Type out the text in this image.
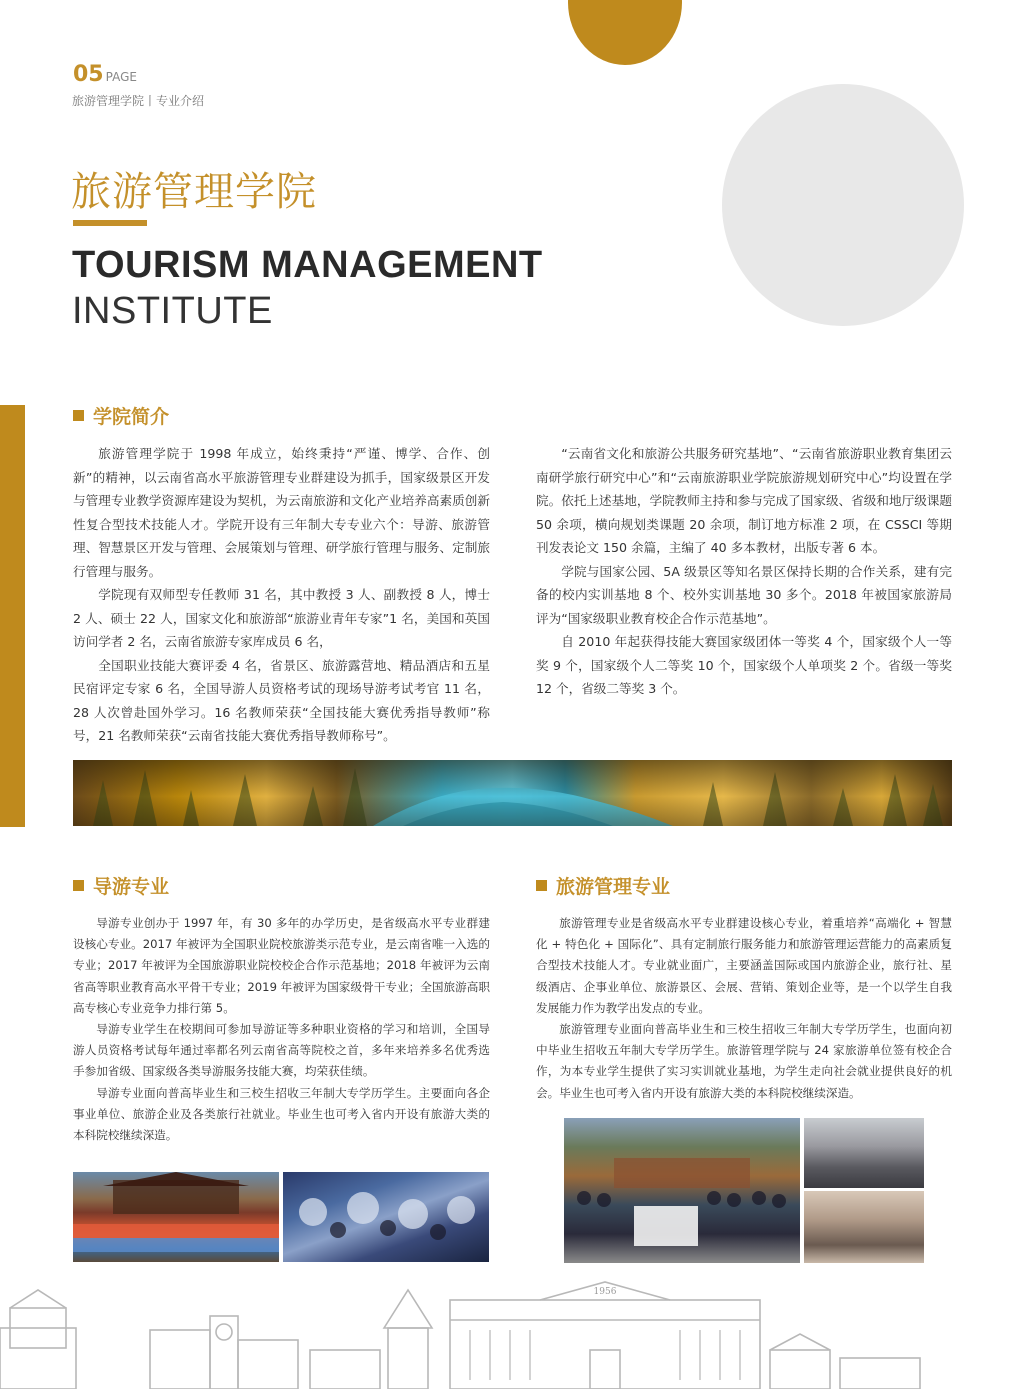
05 PAGE
旅游管理学院丨专业介绍
旅游管理学院
TOURISM MANAGEMENT
INSTITUTE
学院简介

旅游管理学院于 1998 年成立，始终秉持“严谨、博学、合作、创新”的精神，以云南省高水平旅游管理专业群建设为抓手，国家级景区开发与管理专业教学资源库建设为契机，为云南旅游和文化产业培养高素质创新性复合型技术技能人才。学院开设有三年制大专专业六个：导游、旅游管理、智慧景区开发与管理、会展策划与管理、研学旅行管理与服务、定制旅行管理与服务。

学院现有双师型专任教师 31 名，其中教授 3 人、副教授 8 人，博士 2 人、硕士 22 人，国家文化和旅游部“旅游业青年专家”1 名，美国和英国访问学者 2 名，云南省旅游专家库成员 6 名，

全国职业技能大赛评委 4 名，省景区、旅游露营地、精品酒店和五星民宿评定专家 6 名，全国导游人员资格考试的现场导游考试考官 11 名，28 人次曾赴国外学习。16 名教师荣获“全国技能大赛优秀指导教师”称号，21 名教师荣获“云南省技能大赛优秀指导教师称号”。

“云南省文化和旅游公共服务研究基地”、“云南省旅游职业教育集团云南研学旅行研究中心”和“云南旅游职业学院旅游规划研究中心”均设置在学院。依托上述基地，学院教师主持和参与完成了国家级、省级和地厅级课题 50 余项，横向规划类课题 20 余项，制订地方标准 2 项，在 CSSCI 等期刊发表论文 150 余篇，主编了 40 多本教材，出版专著 6 本。

学院与国家公园、5A 级景区等知名景区保持长期的合作关系，建有完备的校内实训基地 8 个、校外实训基地 30 多个。2018 年被国家旅游局评为“国家级职业教育校企合作示范基地”。

自 2010 年起获得技能大赛国家级团体一等奖 4 个，国家级个人一等奖 9 个，国家级个人二等奖 10 个，国家级个人单项奖 2 个。省级一等奖 12 个，省级二等奖 3 个。

导游专业

导游专业创办于 1997 年，有 30 多年的办学历史，是省级高水平专业群建设核心专业。2017 年被评为全国职业院校旅游类示范专业，是云南省唯一入选的专业；2017 年被评为全国旅游职业院校校企合作示范基地；2018 年被评为云南省高等职业教育高水平骨干专业；2019 年被评为国家级骨干专业；全国旅游高职高专核心专业竞争力排行第 5。

导游专业学生在校期间可参加导游证等多种职业资格的学习和培训，全国导游人员资格考试每年通过率都名列云南省高等院校之首，多年来培养多名优秀选手参加省级、国家级各类导游服务技能大赛，均荣获佳绩。

导游专业面向普高毕业生和三校生招收三年制大专学历学生。主要面向各企事业单位、旅游企业及各类旅行社就业。毕业生也可考入省内开设有旅游大类的本科院校继续深造。

旅游管理专业

旅游管理专业是省级高水平专业群建设核心专业，着重培养“高端化 + 智慧化 + 特色化 + 国际化”、具有定制旅行服务能力和旅游管理运营能力的高素质复合型技术技能人才。专业就业面广，主要涵盖国际或国内旅游企业，旅行社、星级酒店、企事业单位、旅游景区、会展、营销、策划企业等，是一个以学生自我发展能力作为教学出发点的专业。

旅游管理专业面向普高毕业生和三校生招收三年制大专学历学生，也面向初中毕业生招收五年制大专学历学生。旅游管理学院与 24 家旅游单位签有校企合作，为本专业学生提供了实习实训就业基地，为学生走向社会就业提供良好的机会。毕业生也可考入省内开设有旅游大类的本科院校继续深造。

1956
